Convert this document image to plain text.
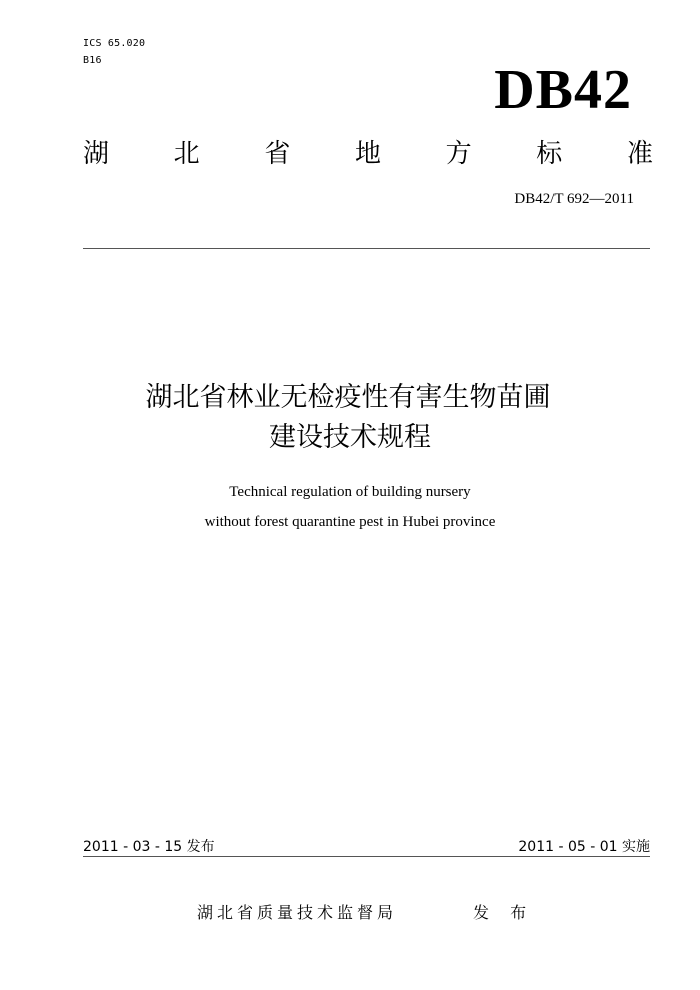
ICS 65.020
B16	DB42
湖 北 省 地 方 标 准
DB42/T 692—2011
湖北省林业无检疫性有害生物苗圃
建设技术规程
Technical regulation of building nursery
without forest quarantine pest in Hubei province
2011 - 03 - 15 发布	2011 - 05 - 01 实施
湖北省质量技术监督局	发 布
